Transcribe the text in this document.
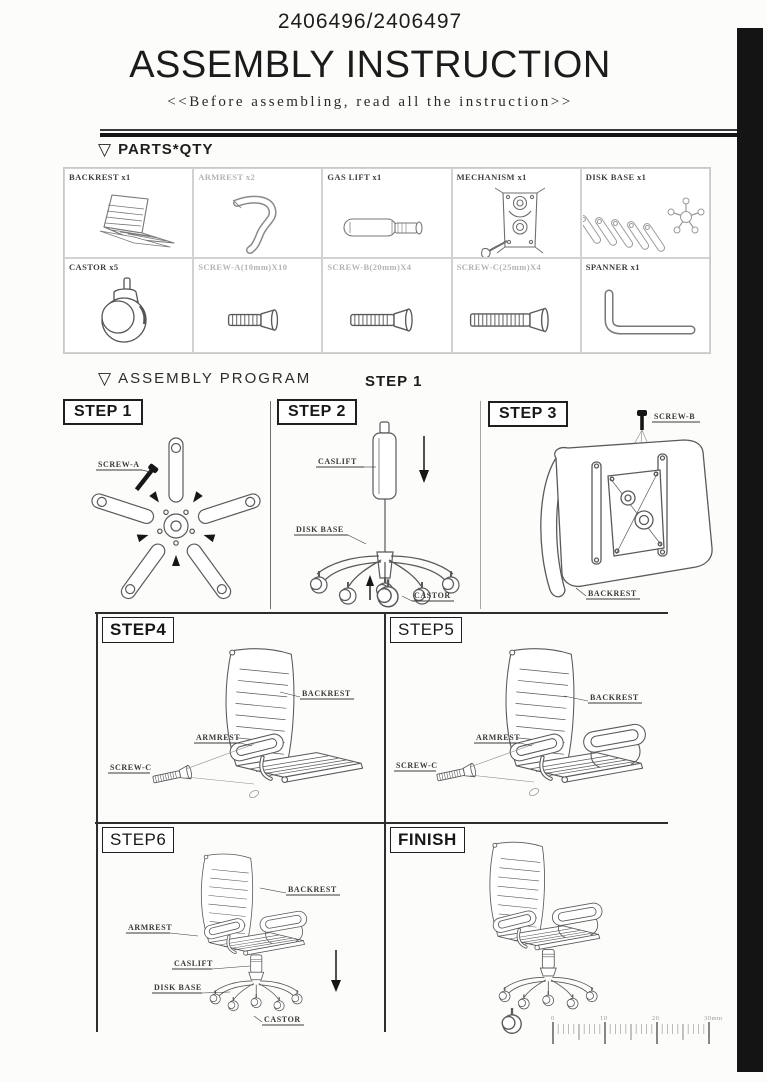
2406496/2406497
ASSEMBLY INSTRUCTION
<<Before assembling, read all the instruction>>
▽ PARTS*QTY
BACKREST x1	ARMREST x2	GAS LIFT x1	MECHANISM x1	DISK BASE x1
CASTOR x5	SCREW-A(10mm)X10	SCREW-B(20mm)X4	SCREW-C(25mm)X4	SPANNER x1
▽ ASSEMBLY PROGRAM	STEP 1
STEP 1
SCREW-A
STEP 2
CASLIFT
DISK BASE
CASTOR
STEP 3	SCREW-B
BACKREST
STEP4
BACKREST
ARMREST
SCREW-C
STEP5
BACKREST
ARMREST
SCREW-C
STEP6
BACKREST
ARMREST
CASLIFT
DISK BASE
CASTOR
FINISH
0	10	20	30mm
